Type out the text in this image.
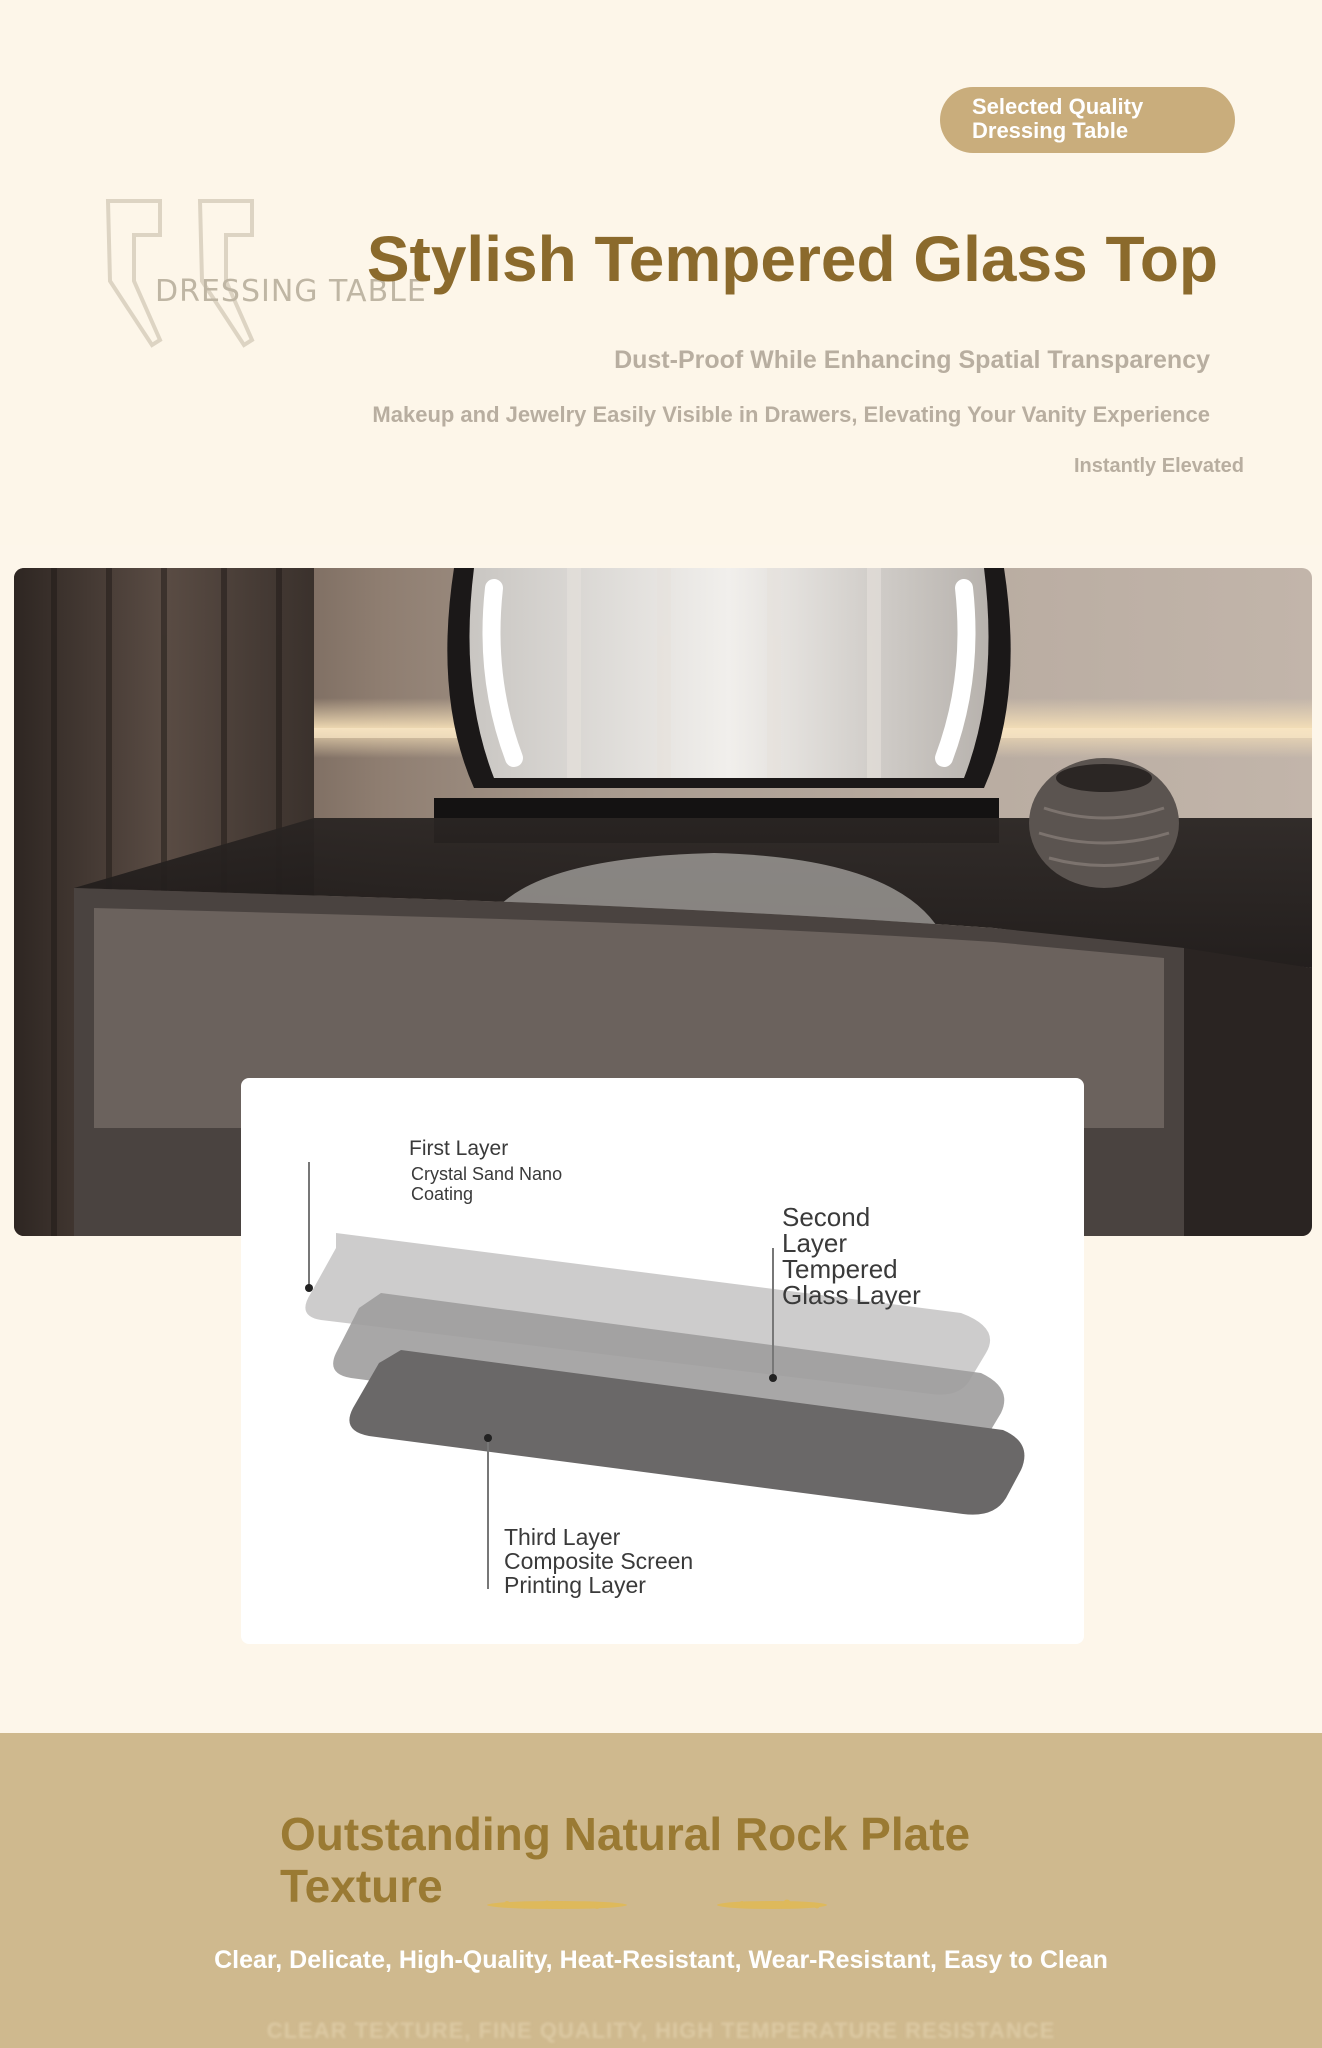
Selected Quality
Dressing Table
DRESSING TABLE
Stylish Tempered Glass Top
Dust-Proof While Enhancing Spatial Transparency
Makeup and Jewelry Easily Visible in Drawers, Elevating Your Vanity Experience
Instantly Elevated
First Layer
Crystal Sand Nano
Coating
Second
Layer
Tempered
Glass Layer
Third Layer
Composite Screen
Printing Layer
Outstanding Natural Rock Plate
Texture
Clear, Delicate, High-Quality, Heat-Resistant, Wear-Resistant, Easy to Clean
CLEAR TEXTURE, FINE QUALITY, HIGH TEMPERATURE RESISTANCE
